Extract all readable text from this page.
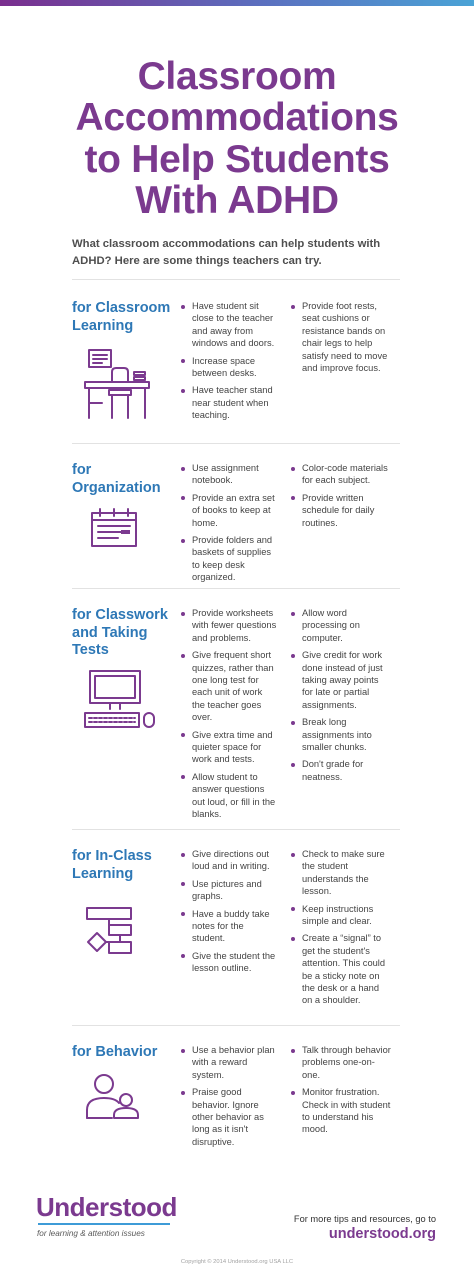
Classroom
Accommodations
to Help Students
With ADHD
What classroom accommodations can help students with ADHD? Here are some things teachers can try.
for Classroom Learning
Have student sit close to the teacher and away from windows and doors.
Increase space between desks.
Have teacher stand near student when teaching.
Provide foot rests, seat cushions or resistance bands on chair legs to help satisfy need to move and improve focus.
for Organization
Use assignment notebook.
Provide an extra set of books to keep at home.
Provide folders and baskets of supplies to keep desk organized.
Color-code materials for each subject.
Provide written schedule for daily routines.
for Classwork and Taking Tests
Provide worksheets with fewer questions and problems.
Give frequent short quizzes, rather than one long test for each unit of work the teacher goes over.
Give extra time and quieter space for work and tests.
Allow student to answer questions out loud, or fill in the blanks.
Allow word processing on computer.
Give credit for work done instead of just taking away points for late or partial assignments.
Break long assignments into smaller chunks.
Don't grade for neatness.
for In-Class Learning
Give directions out loud and in writing.
Use pictures and graphs.
Have a buddy take notes for the student.
Give the student the lesson outline.
Check to make sure the student understands the lesson.
Keep instructions simple and clear.
Create a “signal” to get the student's attention. This could be a sticky note on the desk or a hand on a shoulder.
for Behavior	Use a behavior plan with a reward system.
Praise good behavior. Ignore other behavior as long as it isn't disruptive.
Talk through behavior problems one-on-one.
Monitor frustration. Check in with student to understand his mood.
Understood
for learning & attention issues
For more tips and resources, go to
understood.org
Copyright © 2014 Understood.org USA LLC
